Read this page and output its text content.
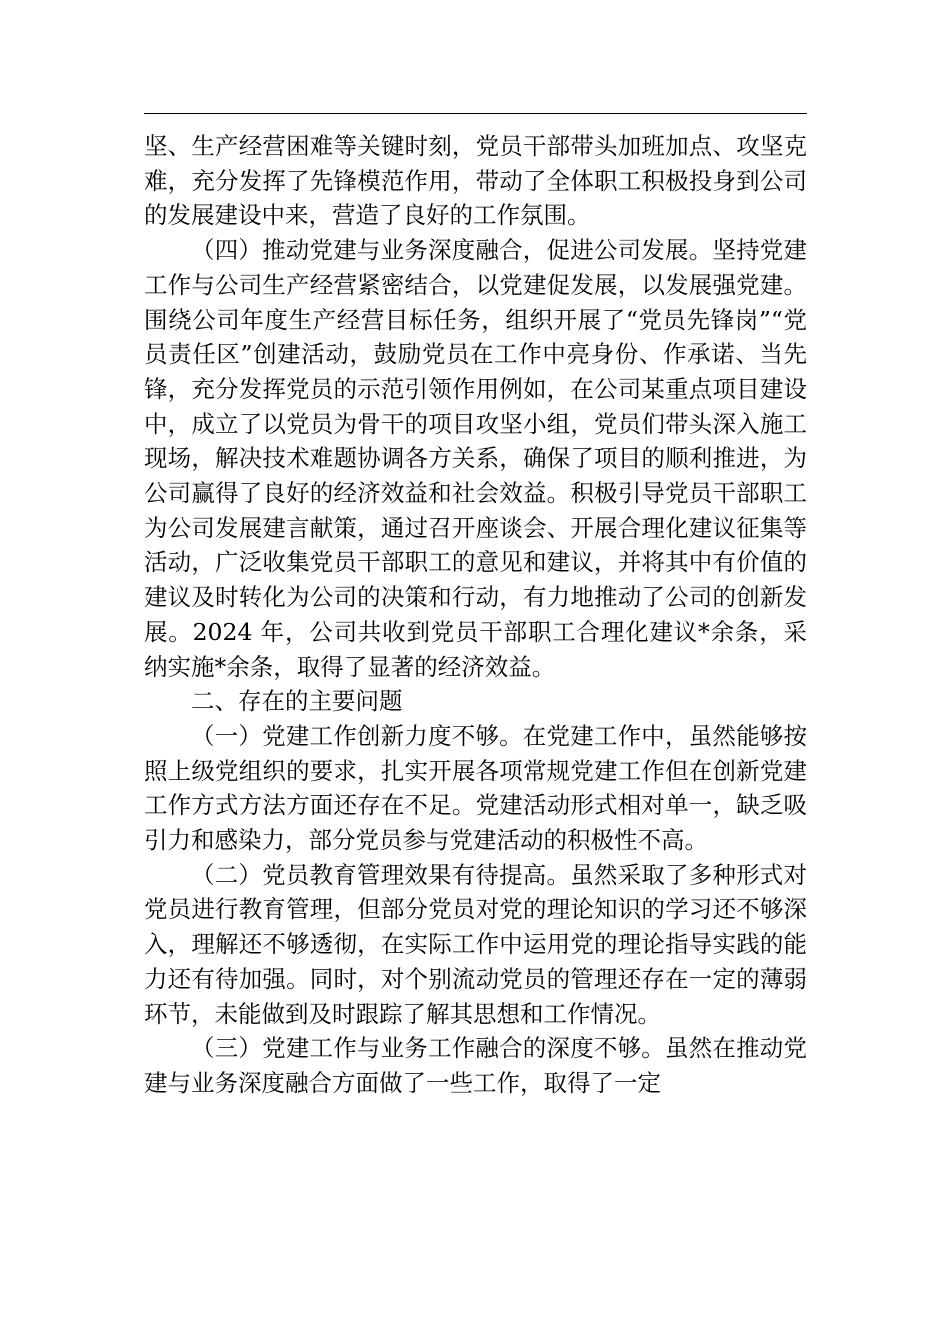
坚、生产经营困难等关键时刻，党员干部带头加班加点、攻坚克难，充分发挥了先锋模范作用，带动了全体职工积极投身到公司的发展建设中来，营造了良好的工作氛围。

（四）推动党建与业务深度融合，促进公司发展。坚持党建工作与公司生产经营紧密结合，以党建促发展，以发展强党建。围绕公司年度生产经营目标任务，组织开展了“党员先锋岗”“党员责任区”创建活动，鼓励党员在工作中亮身份、作承诺、当先锋，充分发挥党员的示范引领作用例如，在公司某重点项目建设中，成立了以党员为骨干的项目攻坚小组，党员们带头深入施工现场，解决技术难题协调各方关系，确保了项目的顺利推进，为公司赢得了良好的经济效益和社会效益。积极引导党员干部职工为公司发展建言献策，通过召开座谈会、开展合理化建议征集等活动，广泛收集党员干部职工的意见和建议，并将其中有价值的建议及时转化为公司的决策和行动，有力地推动了公司的创新发展。2024 年，公司共收到党员干部职工合理化建议*余条，采纳实施*余条，取得了显著的经济效益。

二、存在的主要问题

（一）党建工作创新力度不够。在党建工作中，虽然能够按照上级党组织的要求，扎实开展各项常规党建工作但在创新党建工作方式方法方面还存在不足。党建活动形式相对单一，缺乏吸引力和感染力，部分党员参与党建活动的积极性不高。

（二）党员教育管理效果有待提高。虽然采取了多种形式对党员进行教育管理，但部分党员对党的理论知识的学习还不够深入，理解还不够透彻，在实际工作中运用党的理论指导实践的能力还有待加强。同时，对个别流动党员的管理还存在一定的薄弱环节，未能做到及时跟踪了解其思想和工作情况。

（三）党建工作与业务工作融合的深度不够。虽然在推动党建与业务深度融合方面做了一些工作，取得了一定
